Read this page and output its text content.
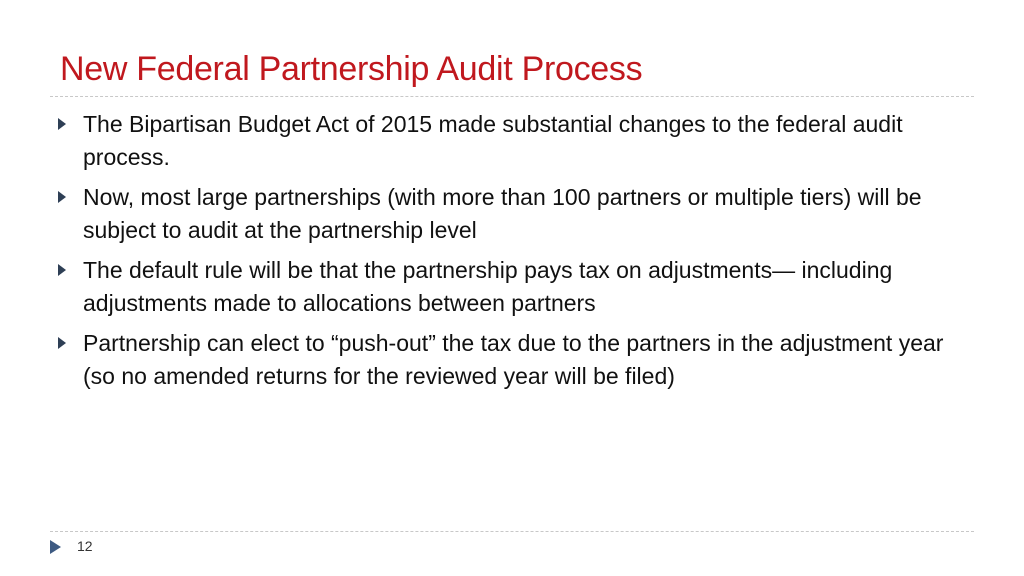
New Federal Partnership Audit Process
The Bipartisan Budget Act of 2015 made substantial changes to the federal audit process.
Now, most large partnerships (with more than 100 partners or multiple tiers) will be subject to audit at the partnership level
The default rule will be that the partnership pays tax on adjustments— including adjustments made to allocations between partners
Partnership can elect to “push-out” the tax due to the partners in the adjustment year (so no amended returns for the reviewed year will be filed)
12
